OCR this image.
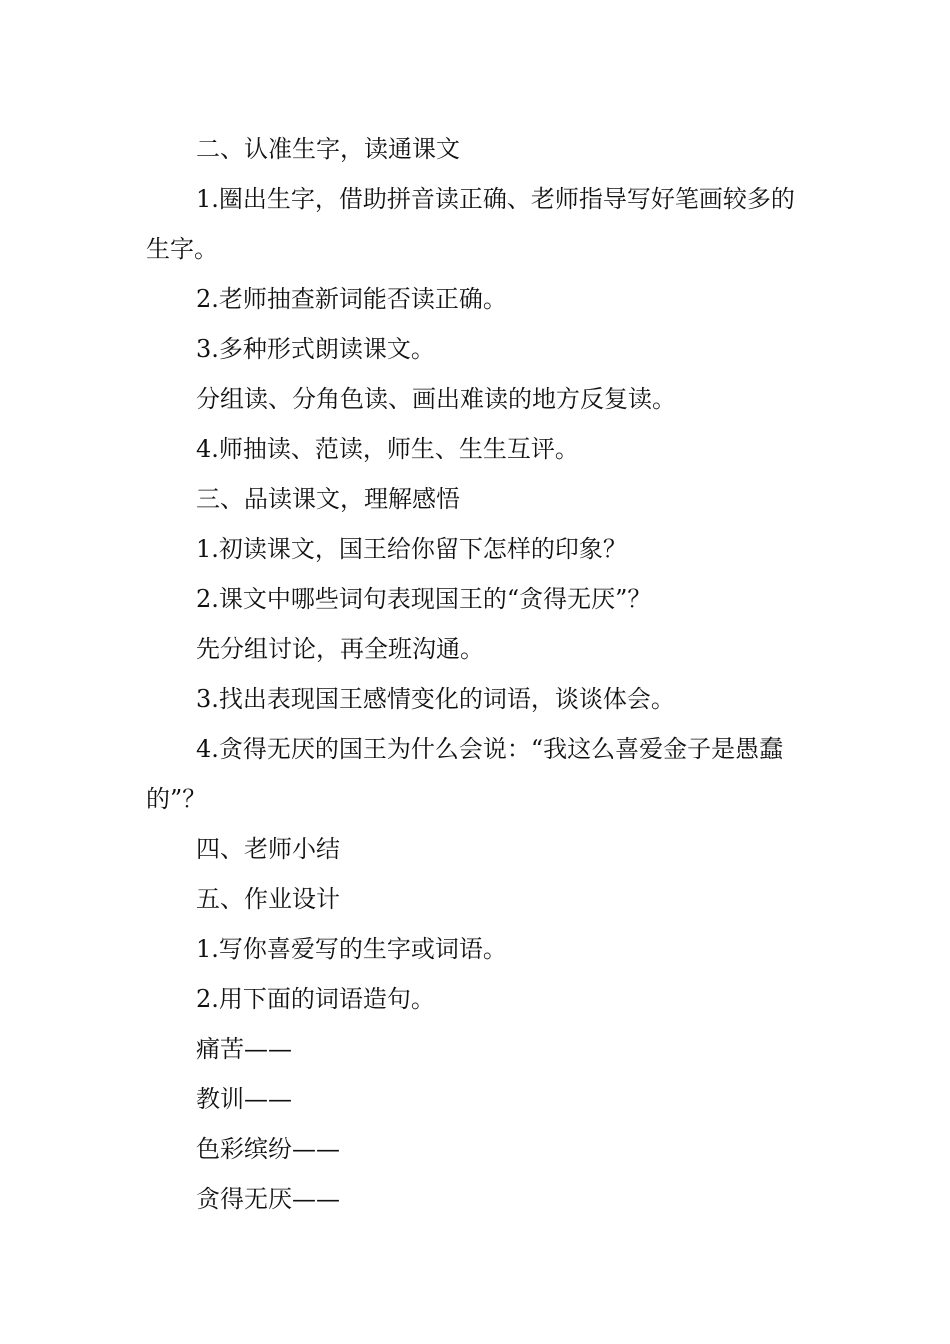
二、认准生字，读通课文

1.圈出生字，借助拼音读正确、老师指导写好笔画较多的生字。

2.老师抽查新词能否读正确。

3.多种形式朗读课文。

分组读、分角色读、画出难读的地方反复读。

4.师抽读、范读，师生、生生互评。

三、品读课文，理解感悟

1.初读课文，国王给你留下怎样的印象？

2.课文中哪些词句表现国王的“贪得无厌”？

先分组讨论，再全班沟通。

3.找出表现国王感情变化的词语，谈谈体会。

4.贪得无厌的国王为什么会说：“我这么喜爱金子是愚蠢的”？

四、老师小结

五、作业设计

1.写你喜爱写的生字或词语。

2.用下面的词语造句。

痛苦——

教训——

色彩缤纷——

贪得无厌——
